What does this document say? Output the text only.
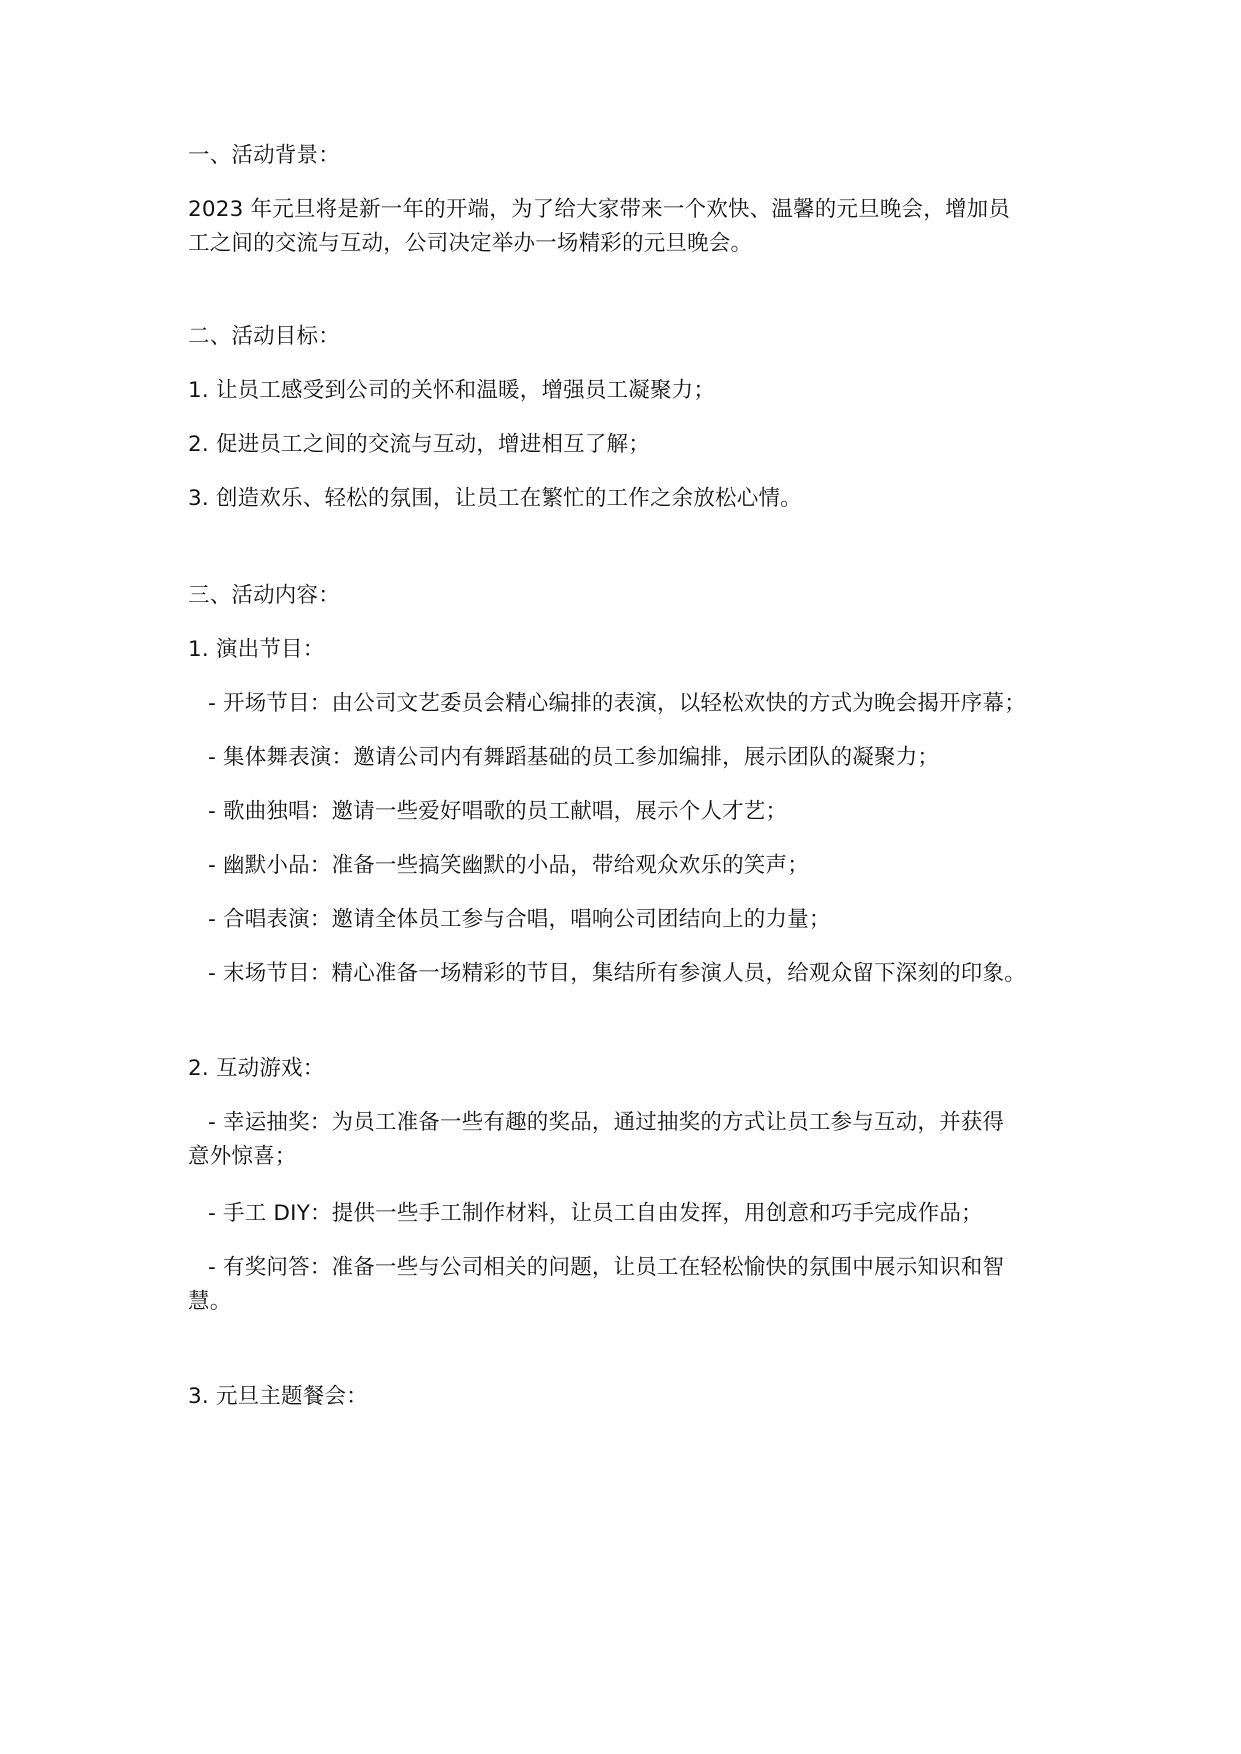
一、活动背景：
2023 年元旦将是新一年的开端，为了给大家带来一个欢快、温馨的元旦晚会，增加员
工之间的交流与互动，公司决定举办一场精彩的元旦晚会。
二、活动目标：
1. 让员工感受到公司的关怀和温暖，增强员工凝聚力；
2. 促进员工之间的交流与互动，增进相互了解；
3. 创造欢乐、轻松的氛围，让员工在繁忙的工作之余放松心情。
三、活动内容：
1. 演出节目：
- 开场节目：由公司文艺委员会精心编排的表演，以轻松欢快的方式为晚会揭开序幕；
- 集体舞表演：邀请公司内有舞蹈基础的员工参加编排，展示团队的凝聚力；
- 歌曲独唱：邀请一些爱好唱歌的员工献唱，展示个人才艺；
- 幽默小品：准备一些搞笑幽默的小品，带给观众欢乐的笑声；
- 合唱表演：邀请全体员工参与合唱，唱响公司团结向上的力量；
- 末场节目：精心准备一场精彩的节目，集结所有参演人员，给观众留下深刻的印象。
2. 互动游戏：
- 幸运抽奖：为员工准备一些有趣的奖品，通过抽奖的方式让员工参与互动，并获得
意外惊喜；
- 手工 DIY：提供一些手工制作材料，让员工自由发挥，用创意和巧手完成作品；
- 有奖问答：准备一些与公司相关的问题，让员工在轻松愉快的氛围中展示知识和智
慧。
3. 元旦主题餐会：
